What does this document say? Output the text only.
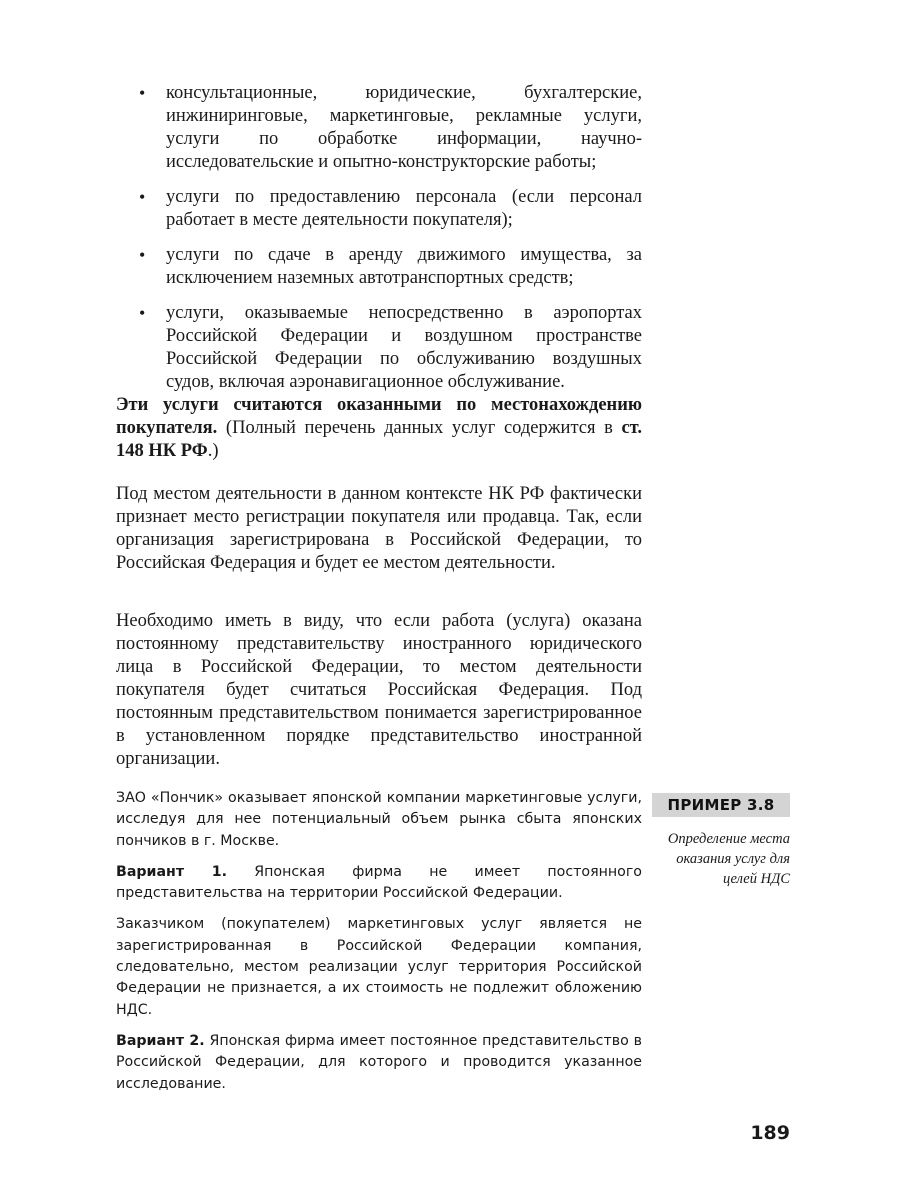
• консультационные, юридические, бухгалтерские, инжиниринговые, маркетинговые, рекламные услуги, услуги по обработке информации, научно-исследовательские и опытно-конструкторские работы;
• услуги по предоставлению персонала (если персонал работает в месте деятельности покупателя);
• услуги по сдаче в аренду движимого имущества, за исключением наземных автотранспортных средств;
• услуги, оказываемые непосредственно в аэропортах Российской Федерации и воздушном пространстве Российской Федерации по обслуживанию воздушных судов, включая аэронавигационное обслуживание.

Эти услуги считаются оказанными по местонахождению покупателя. (Полный перечень данных услуг содержится в ст. 148 НК РФ.)

Под местом деятельности в данном контексте НК РФ фактически признает место регистрации покупателя или продавца. Так, если организация зарегистрирована в Российской Федерации, то Российская Федерация и будет ее местом деятельности.

Необходимо иметь в виду, что если работа (услуга) оказана постоянному представительству иностранного юридического лица в Российской Федерации, то местом деятельности покупателя будет считаться Российская Федерация. Под постоянным представительством понимается зарегистрированное в установленном порядке представительство иностранной организации.

ЗАО «Пончик» оказывает японской компании маркетинговые услуги, исследуя для нее потенциальный объем рынка сбыта японских пончиков в г. Москве.

Вариант 1. Японская фирма не имеет постоянного представительства на территории Российской Федерации.

Заказчиком (покупателем) маркетинговых услуг является не зарегистрированная в Российской Федерации компания, следовательно, местом реализации услуг территория Российской Федерации не признается, а их стоимость не подлежит обложению НДС.

Вариант 2. Японская фирма имеет постоянное представительство в Российской Федерации, для которого и проводится указанное исследование.

ПРИМЕР 3.8
Определение места оказания услуг для целей НДС
189
